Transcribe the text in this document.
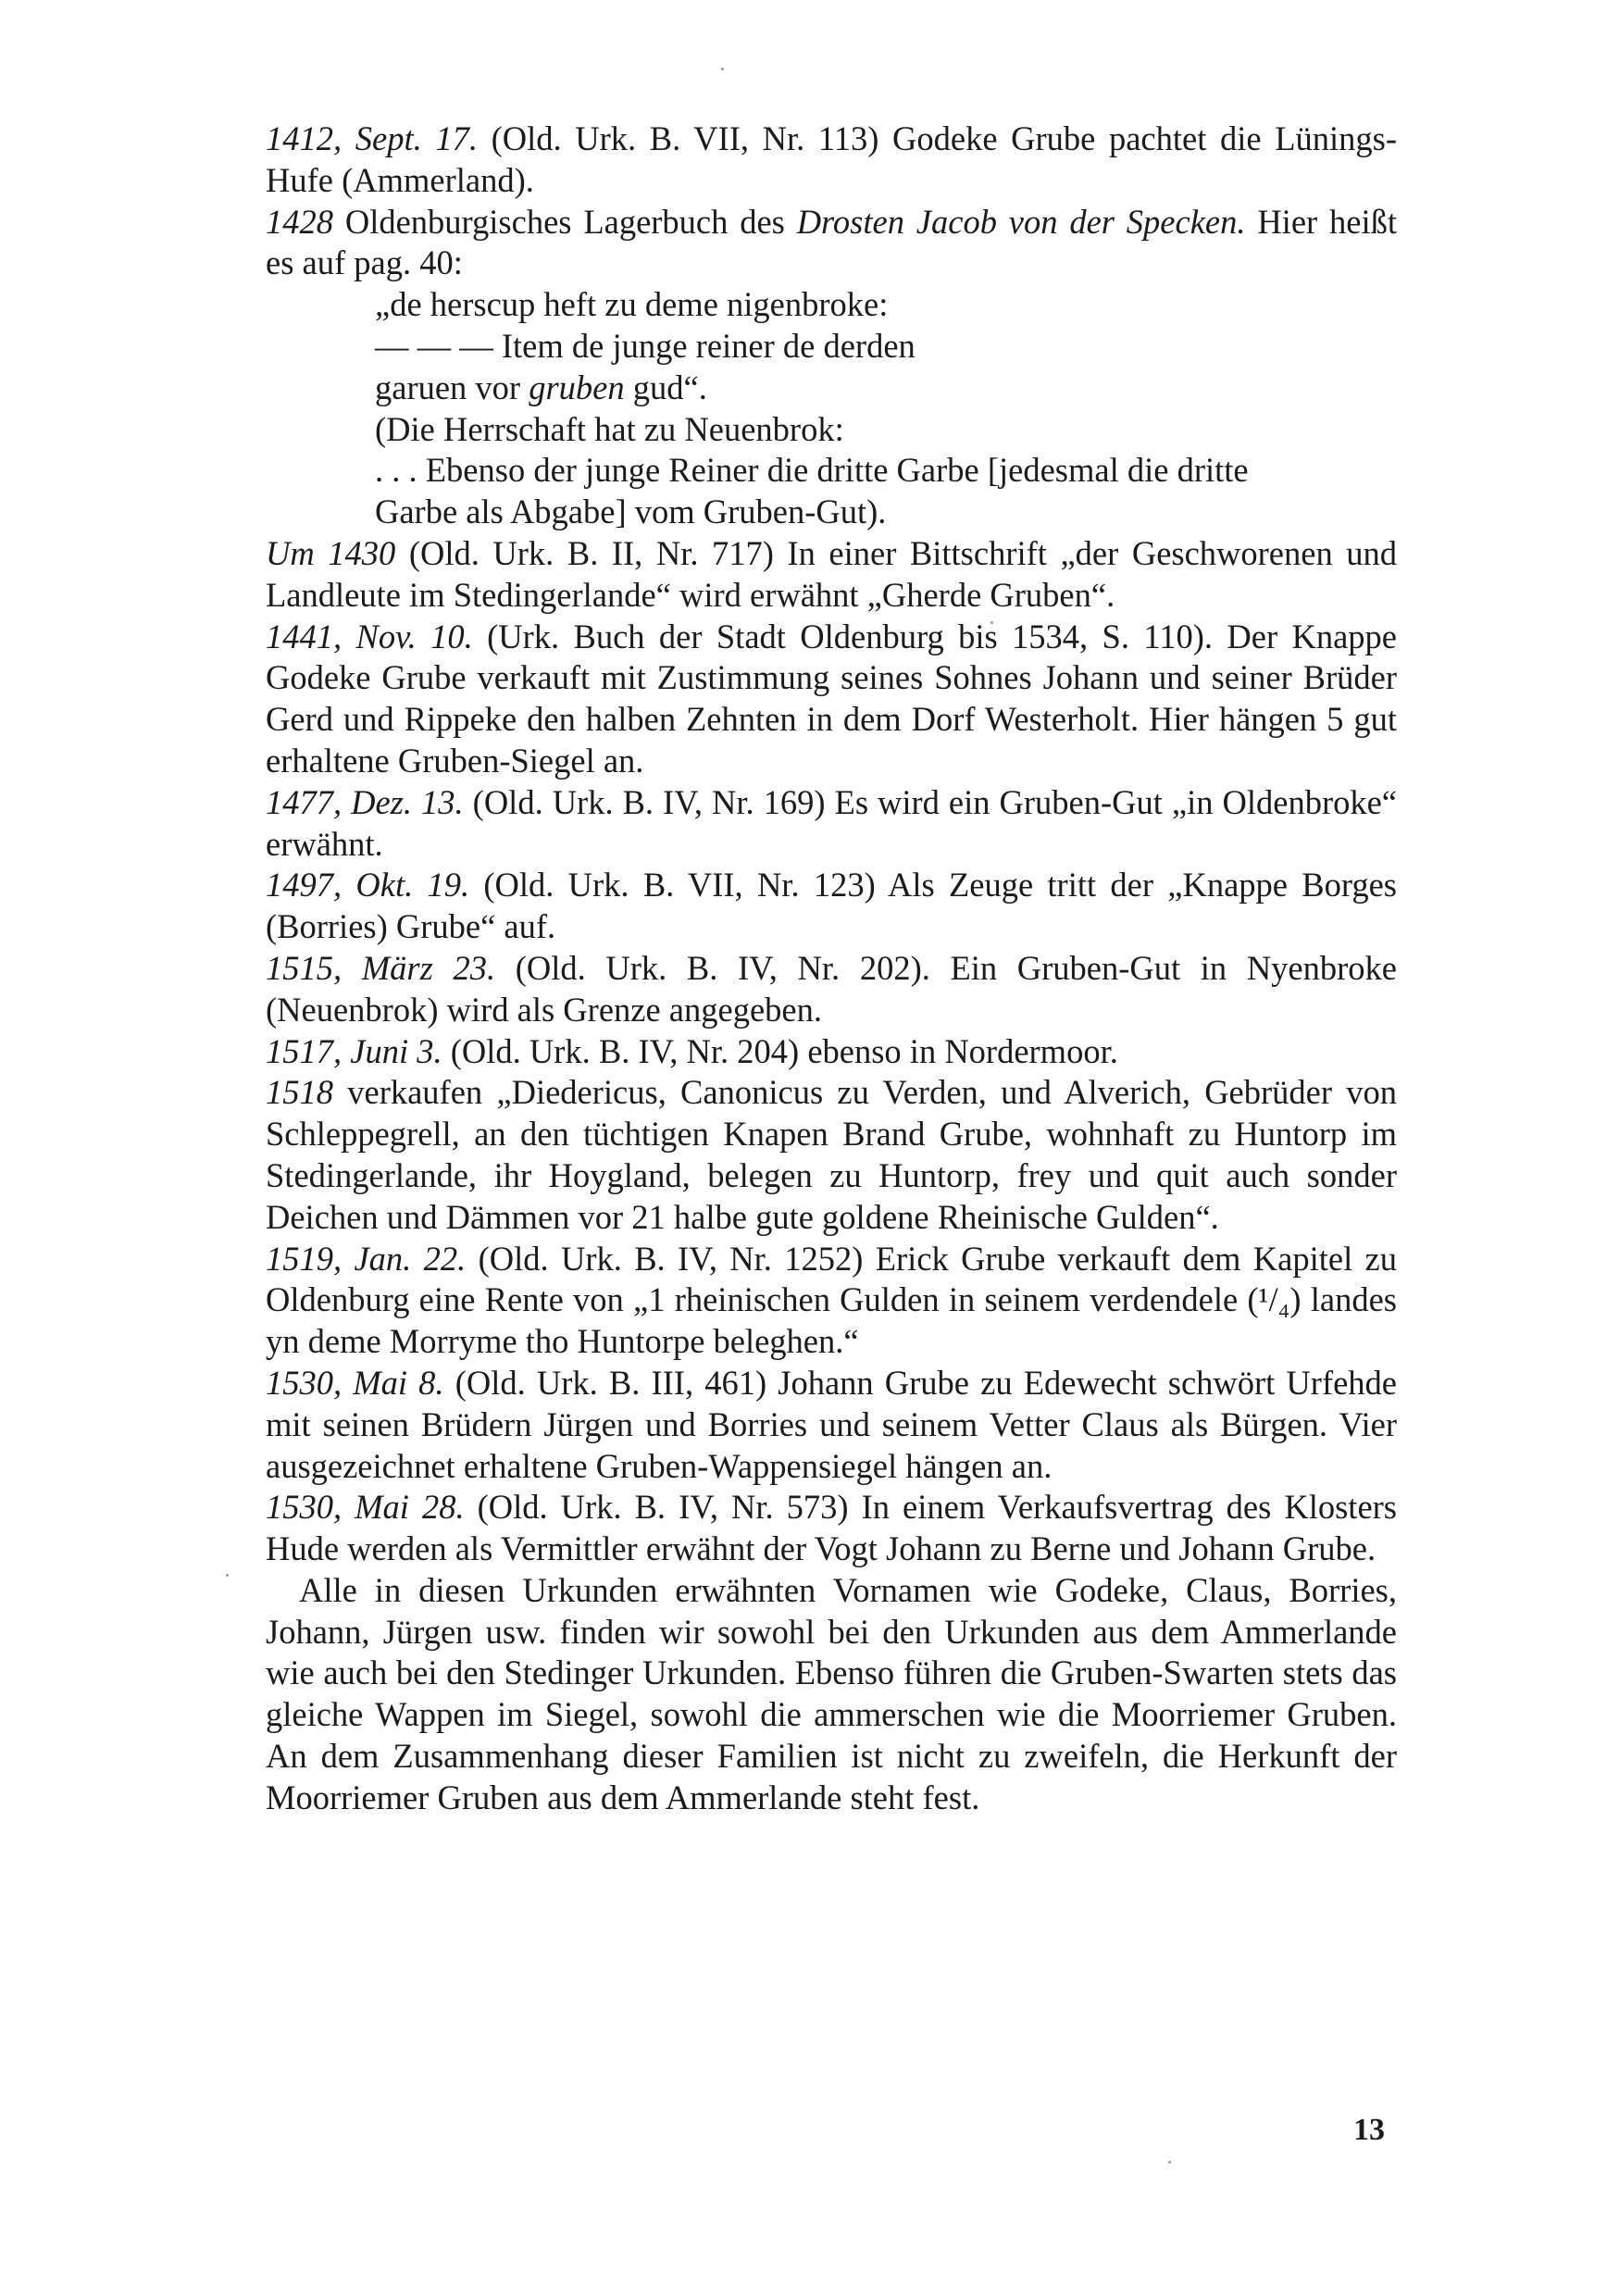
1412, Sept. 17. (Old. Urk. B. VII, Nr. 113) Godeke Grube pachtet die Lünings-Hufe (Ammerland).

1428 Oldenburgisches Lagerbuch des Drosten Jacob von der Specken. Hier heißt es auf pag. 40:

„de herscup heft zu deme nigenbroke:

— — — Item de junge reiner de derden

garuen vor gruben gud“.

(Die Herrschaft hat zu Neuenbrok:

. . . Ebenso der junge Reiner die dritte Garbe [jedesmal die dritte

Garbe als Abgabe] vom Gruben-Gut).

Um 1430 (Old. Urk. B. II, Nr. 717) In einer Bittschrift „der Geschworenen und Landleute im Stedingerlande“ wird erwähnt „Gherde Gruben“.

1441, Nov. 10. (Urk. Buch der Stadt Oldenburg bis 1534, S. 110). Der Knappe Godeke Grube verkauft mit Zustimmung seines Sohnes Johann und seiner Brüder Gerd und Rippeke den halben Zehnten in dem Dorf Westerholt. Hier hängen 5 gut erhaltene Gruben-Siegel an.

1477, Dez. 13. (Old. Urk. B. IV, Nr. 169) Es wird ein Gruben-Gut „in Oldenbroke“ erwähnt.

1497, Okt. 19. (Old. Urk. B. VII, Nr. 123) Als Zeuge tritt der „Knappe Borges (Borries) Grube“ auf.

1515, März 23. (Old. Urk. B. IV, Nr. 202). Ein Gruben-Gut in Nyenbroke (Neuenbrok) wird als Grenze angegeben.

1517, Juni 3. (Old. Urk. B. IV, Nr. 204) ebenso in Nordermoor.

1518 verkaufen „Diedericus, Canonicus zu Verden, und Alverich, Gebrüder von Schleppegrell, an den tüchtigen Knapen Brand Grube, wohnhaft zu Huntorp im Stedingerlande, ihr Hoygland, belegen zu Huntorp, frey und quit auch sonder Deichen und Dämmen vor 21 halbe gute goldene Rheinische Gulden“.

1519, Jan. 22. (Old. Urk. B. IV, Nr. 1252) Erick Grube verkauft dem Kapitel zu Oldenburg eine Rente von „1 rheinischen Gulden in seinem verdendele (¹/₄) landes yn deme Morryme tho Huntorpe beleghen.“

1530, Mai 8. (Old. Urk. B. III, 461) Johann Grube zu Edewecht schwört Urfehde mit seinen Brüdern Jürgen und Borries und seinem Vetter Claus als Bürgen. Vier ausgezeichnet erhaltene Gruben-Wappensiegel hängen an.

1530, Mai 28. (Old. Urk. B. IV, Nr. 573) In einem Verkaufsvertrag des Klosters Hude werden als Vermittler erwähnt der Vogt Johann zu Berne und Johann Grube.

Alle in diesen Urkunden erwähnten Vornamen wie Godeke, Claus, Borries, Johann, Jürgen usw. finden wir sowohl bei den Urkunden aus dem Ammerlande wie auch bei den Stedinger Urkunden. Ebenso führen die Gruben-Swarten stets das gleiche Wappen im Siegel, sowohl die ammerschen wie die Moorriemer Gruben. An dem Zusammenhang dieser Familien ist nicht zu zweifeln, die Herkunft der Moorriemer Gruben aus dem Ammerlande steht fest.

13
